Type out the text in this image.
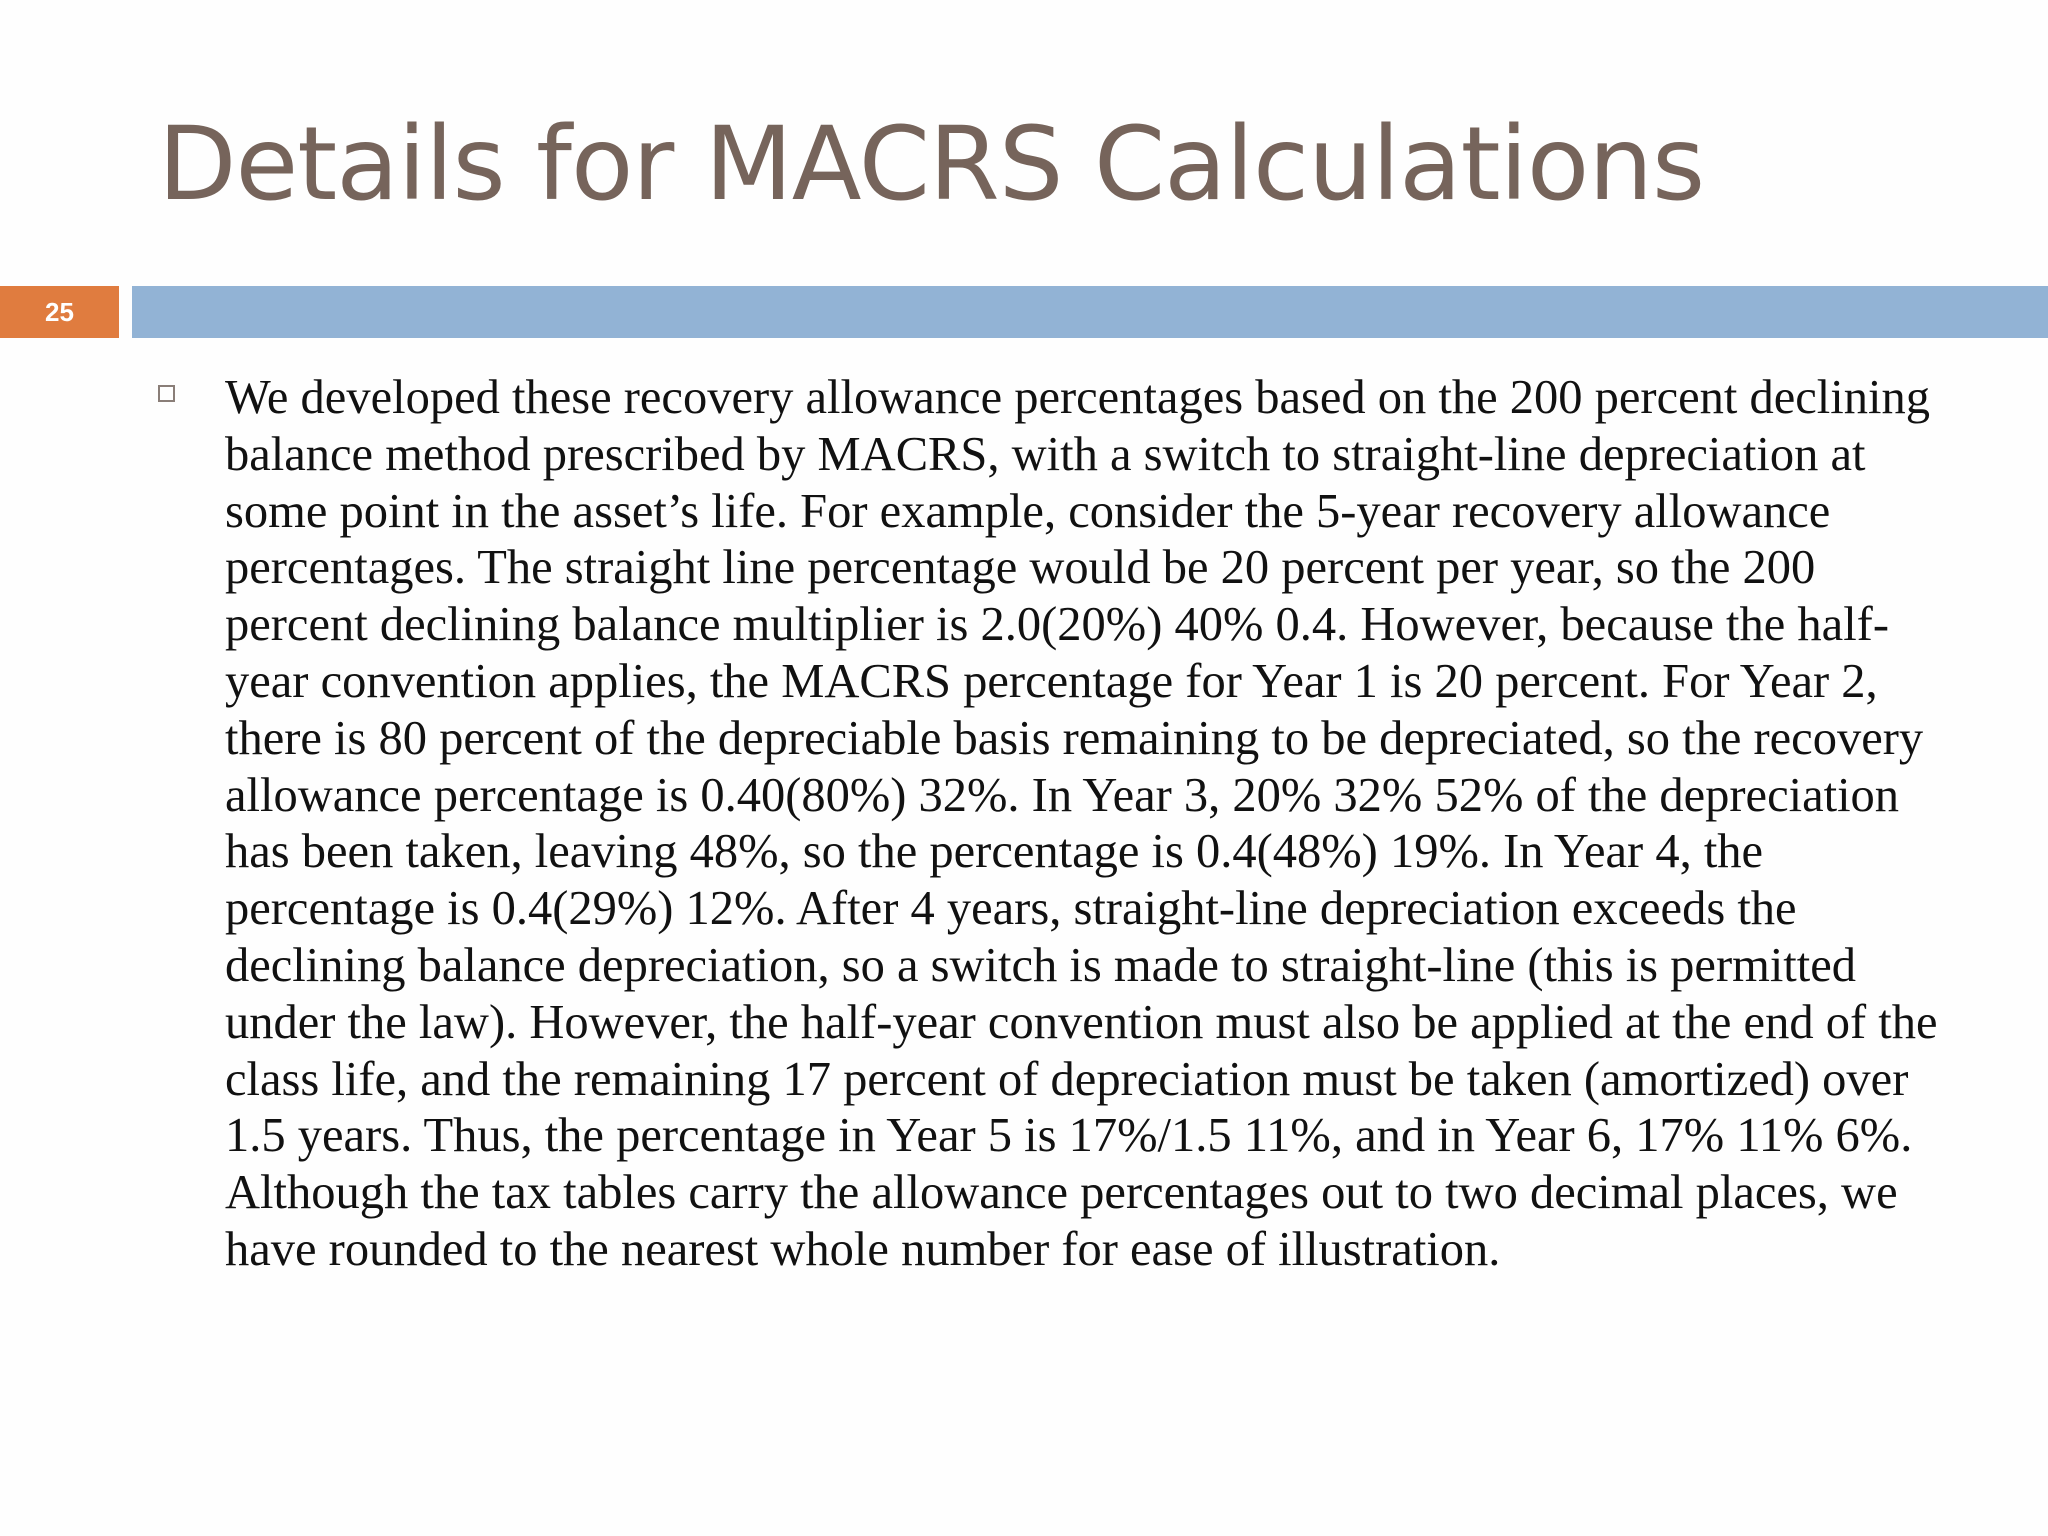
Details for MACRS Calculations
25

We developed these recovery allowance percentages based on the 200 percent declining balance method prescribed by MACRS, with a switch to straight-line depreciation at some point in the asset’s life. For example, consider the 5-year recovery allowance percentages. The straight line percentage would be 20 percent per year, so the 200 percent declining balance multiplier is 2.0(20%) 40% 0.4. However, because the half-year convention applies, the MACRS percentage for Year 1 is 20 percent. For Year 2, there is 80 percent of the depreciable basis remaining to be depreciated, so the recovery allowance percentage is 0.40(80%) 32%. In Year 3, 20% 32% 52% of the depreciation has been taken, leaving 48%, so the percentage is 0.4(48%) 19%. In Year 4, the percentage is 0.4(29%) 12%. After 4 years, straight-line depreciation exceeds the declining balance depreciation, so a switch is made to straight-line (this is permitted under the law). However, the half-year convention must also be applied at the end of the class life, and the remaining 17 percent of depreciation must be taken (amortized) over 1.5 years. Thus, the percentage in Year 5 is 17%/1.5 11%, and in Year 6, 17% 11% 6%. Although the tax tables carry the allowance percentages out to two decimal places, we have rounded to the nearest whole number for ease of illustration.
